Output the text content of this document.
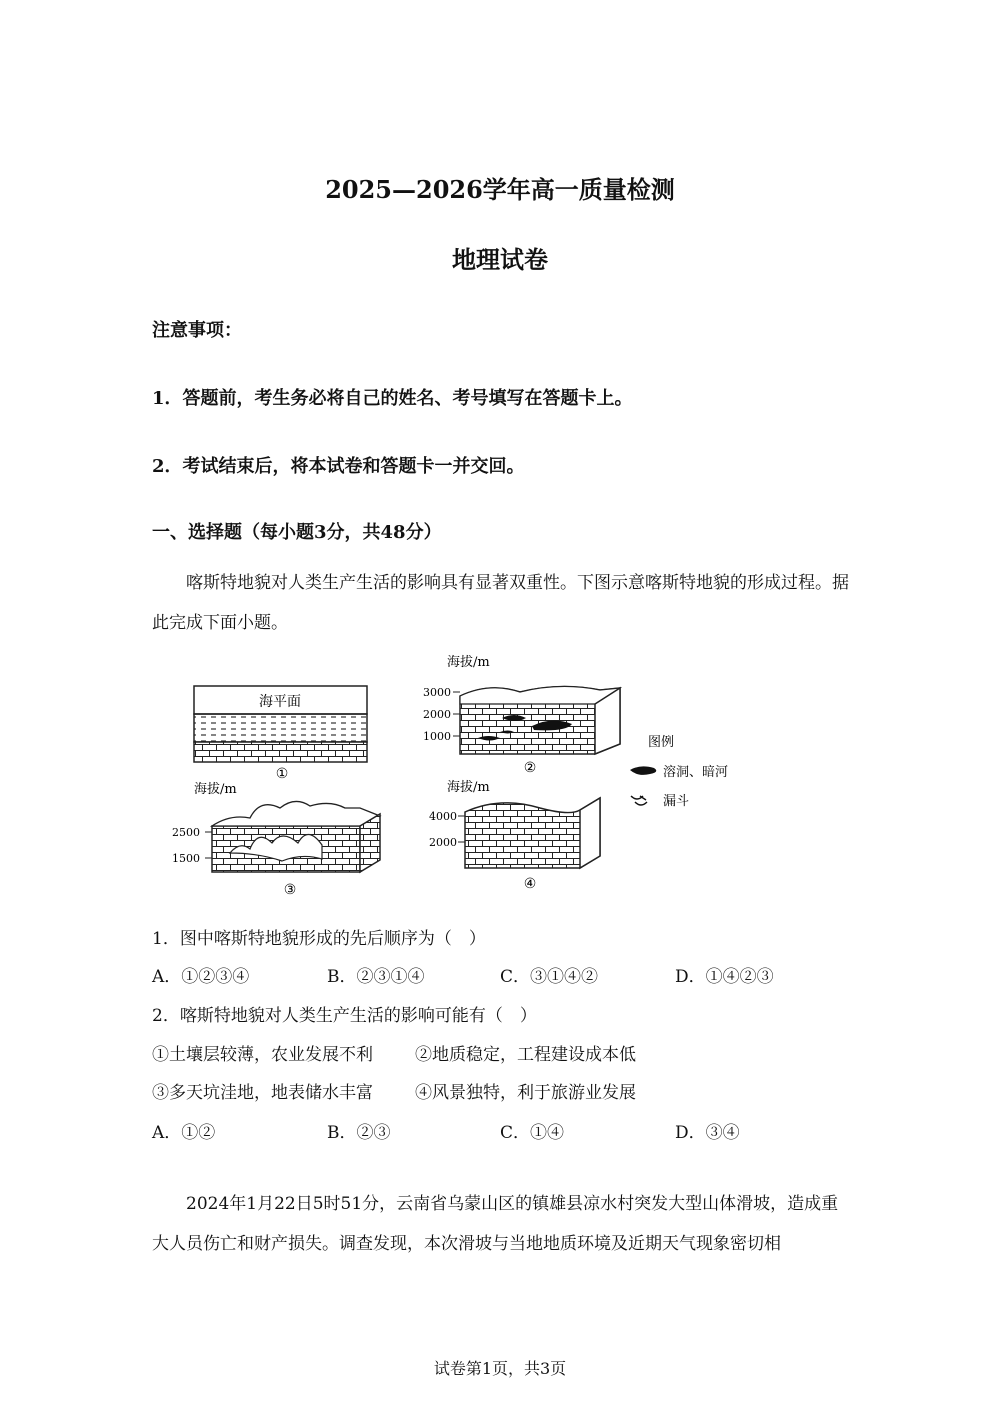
2025—2026学年高一质量检测
地理试卷
注意事项：
1．答题前，考生务必将自己的姓名、考号填写在答题卡上。
2．考试结束后，将本试卷和答题卡一并交回。
一、选择题（每小题3分，共48分）
喀斯特地貌对人类生产生活的影响具有显著双重性。下图示意喀斯特地貌的形成过程。据此完成下面小题。
海平面
①
海拔/m
3000
2000
1000
②
图例
溶洞、暗河
漏斗
海拔/m
2500
1500
③
海拔/m
4000
2000
④
1．图中喀斯特地貌形成的先后顺序为（　）
A．①②③④	B．②③①④	C．③①④②	D．①④②③
2．喀斯特地貌对人类生产生活的影响可能有（　）
①土壤层较薄，农业发展不利 ②地质稳定，工程建设成本低
③多天坑洼地，地表储水丰富 ④风景独特，利于旅游业发展
A．①②	B．②③	C．①④	D．③④
2024年1月22日5时51分，云南省乌蒙山区的镇雄县凉水村突发大型山体滑坡，造成重大人员伤亡和财产损失。调查发现，本次滑坡与当地地质环境及近期天气现象密切相
试卷第1页，共3页
